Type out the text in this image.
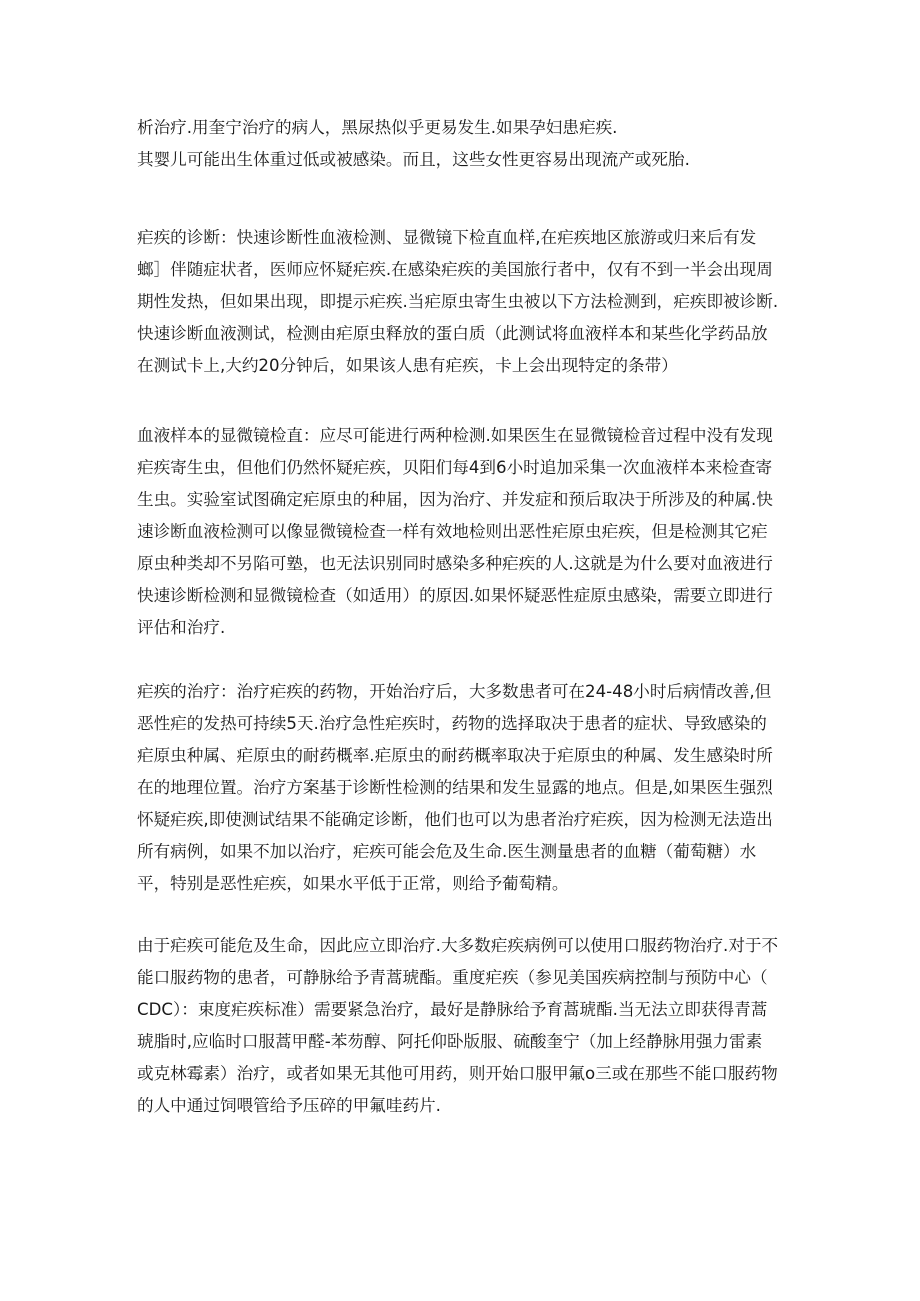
析治疗.用奎宁治疗的病人，黑尿热似乎更易发生.如果孕妇患疟疾.
其婴儿可能出生体重过低或被感染。而且，这些女性更容易出现流产或死胎.
疟疾的诊断：快速诊断性血液检测、显微镜下检直血样,在疟疾地区旅游或归来后有发
螂］伴随症状者，医师应怀疑疟疾.在感染疟疾的美国旅行者中，仅有不到一半会出现周
期性发热，但如果出现，即提示疟疾.当疟原虫寄生虫被以下方法检测到，疟疾即被诊断.
快速诊断血液测试，检测由疟原虫释放的蛋白质（此测试将血液样本和某些化学药品放
在测试卡上,大约20分钟后，如果该人患有疟疾，卡上会出现特定的条带）
血液样本的显微镜检直：应尽可能进行两种检测.如果医生在显微镜检音过程中没有发现
疟疾寄生虫，但他们仍然怀疑疟疾，贝阳们每4到6小时追加采集一次血液样本来检查寄
生虫。实验室试图确定疟原虫的种届，因为治疗、并发症和预后取决于所涉及的种属.快
速诊断血液检测可以像显微镜检查一样有效地检则出恶性疟原虫疟疾，但是检测其它疟
原虫种类却不另陷可塾，也无法识别同时感染多种疟疾的人.这就是为什么要对血液进行
快速诊断检测和显微镜检查（如适用）的原因.如果怀疑恶性症原虫感染，需要立即进行
评估和治疗.
疟疾的治疗：治疗疟疾的药物，开始治疗后，大多数患者可在24-48小时后病情改善,但
恶性疟的发热可持续5天.治疗急性疟疾时，药物的选择取决于患者的症状、导致感染的
疟原虫种属、疟原虫的耐药概率.疟原虫的耐药概率取决于疟原虫的种属、发生感染时所
在的地理位置。治疗方案基于诊断性检测的结果和发生显露的地点。但是,如果医生强烈
怀疑疟疾,即使测试结果不能确定诊断，他们也可以为患者治疗疟疾，因为检测无法造出
所有病例，如果不加以治疗，疟疾可能会危及生命.医生测量患者的血糖（葡萄糖）水
平，特别是恶性疟疾，如果水平低于正常，则给予葡萄精。
由于疟疾可能危及生命，因此应立即治疗.大多数疟疾病例可以使用口服药物治疗.对于不
能口服药物的患者，可静脉给予青蒿琥酯。重度疟疾（参见美国疾病控制与预防中心（
CDC）：束度疟疾标准）需要紧急治疗，最好是静脉给予育蒿琥酯.当无法立即获得青蒿
琥脂时,应临时口服蒿甲醛-苯芴醇、阿托仰卧版服、硫酸奎宁（加上经静脉用强力雷素
或克林霉素）治疗，或者如果无其他可用药，则开始口服甲氟o三或在那些不能口服药物
的人中通过饲喂管给予压碎的甲氟哇药片.
